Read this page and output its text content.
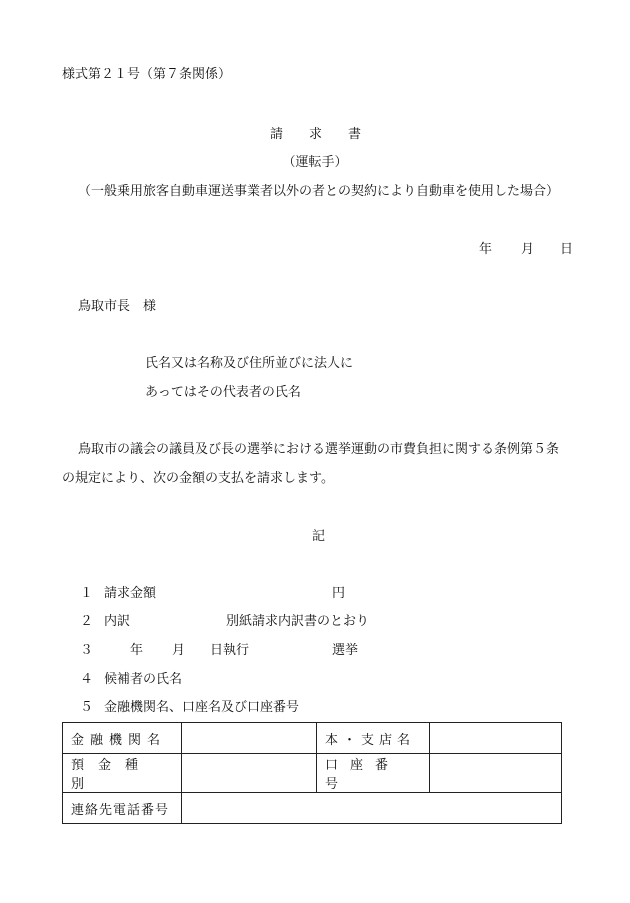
様式第２１号（第７条関係）
請　　求　　書
（運転手）
（一般乗用旅客自動車運送事業者以外の者との契約により自動車を使用した場合）
年 月 日
鳥取市長　様
氏名又は名称及び住所並びに法人に
あってはその代表者の氏名
鳥取市の議会の議員及び長の選挙における選挙運動の市費負担に関する条例第５条
の規定により、次の金額の支払を請求します。
記
１ 請求金額	円
２ 内訳	別紙請求内訳書のとおり
３	年 月 日執行	選挙
４ 候補者の氏名
５ 金融機関名、口座名及び口座番号
金融機関名		本・支店名	
預金種別		口座番号	
連絡先電話番号			
